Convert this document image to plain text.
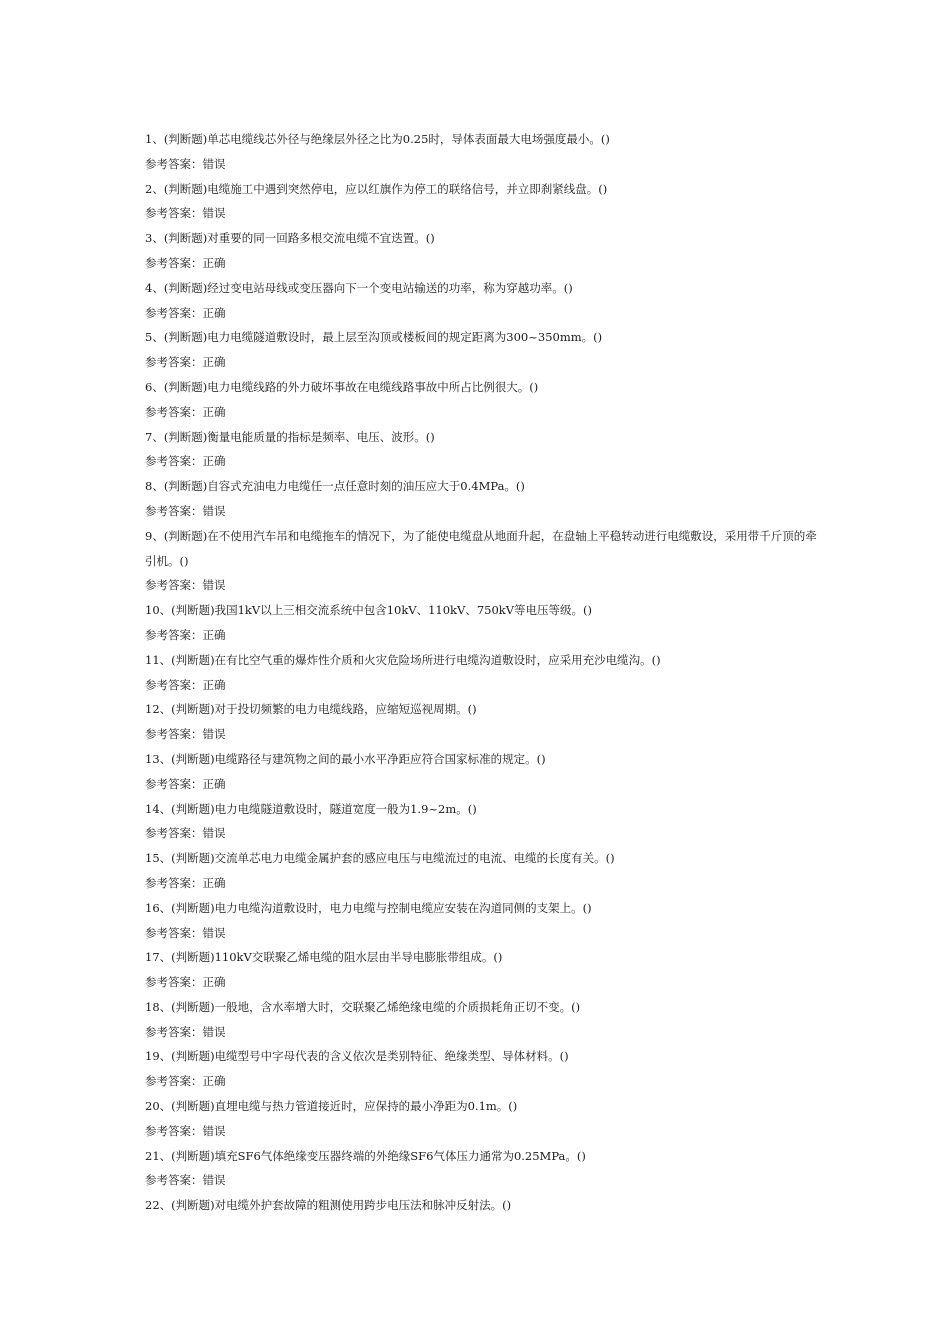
1、(判断题)单芯电缆线芯外径与绝缘层外径之比为0.25时，导体表面最大电场强度最小。()

参考答案：错误

2、(判断题)电缆施工中遇到突然停电，应以红旗作为停工的联络信号，并立即刹紧线盘。()

参考答案：错误

3、(判断题)对重要的同一回路多根交流电缆不宜迭置。()

参考答案：正确

4、(判断题)经过变电站母线或变压器向下一个变电站输送的功率，称为穿越功率。()

参考答案：正确

5、(判断题)电力电缆隧道敷设时，最上层至沟顶或楼板间的规定距离为300~350mm。()

参考答案：正确

6、(判断题)电力电缆线路的外力破坏事故在电缆线路事故中所占比例很大。()

参考答案：正确

7、(判断题)衡量电能质量的指标是频率、电压、波形。()

参考答案：正确

8、(判断题)自容式充油电力电缆任一点任意时刻的油压应大于0.4MPa。()

参考答案：错误

9、(判断题)在不使用汽车吊和电缆拖车的情况下，为了能使电缆盘从地面升起，在盘轴上平稳转动进行电缆敷设，采用带千斤顶的牵引机。()

参考答案：错误

10、(判断题)我国1kV以上三相交流系统中包含10kV、110kV、750kV等电压等级。()

参考答案：正确

11、(判断题)在有比空气重的爆炸性介质和火灾危险场所进行电缆沟道敷设时，应采用充沙电缆沟。()

参考答案：正确

12、(判断题)对于投切频繁的电力电缆线路，应缩短巡视周期。()

参考答案：错误

13、(判断题)电缆路径与建筑物之间的最小水平净距应符合国家标准的规定。()

参考答案：正确

14、(判断题)电力电缆隧道敷设时，隧道宽度一般为1.9~2m。()

参考答案：错误

15、(判断题)交流单芯电力电缆金属护套的感应电压与电缆流过的电流、电缆的长度有关。()

参考答案：正确

16、(判断题)电力电缆沟道敷设时，电力电缆与控制电缆应安装在沟道同侧的支架上。()

参考答案：错误

17、(判断题)110kV交联聚乙烯电缆的阻水层由半导电膨胀带组成。()

参考答案：正确

18、(判断题)一般地，含水率增大时，交联聚乙烯绝缘电缆的介质损耗角正切不变。()

参考答案：错误

19、(判断题)电缆型号中字母代表的含义依次是类别特征、绝缘类型、导体材料。()

参考答案：正确

20、(判断题)直埋电缆与热力管道接近时，应保持的最小净距为0.1m。()

参考答案：错误

21、(判断题)填充SF6气体绝缘变压器终端的外绝缘SF6气体压力通常为0.25MPa。()

参考答案：错误

22、(判断题)对电缆外护套故障的粗测使用跨步电压法和脉冲反射法。()
